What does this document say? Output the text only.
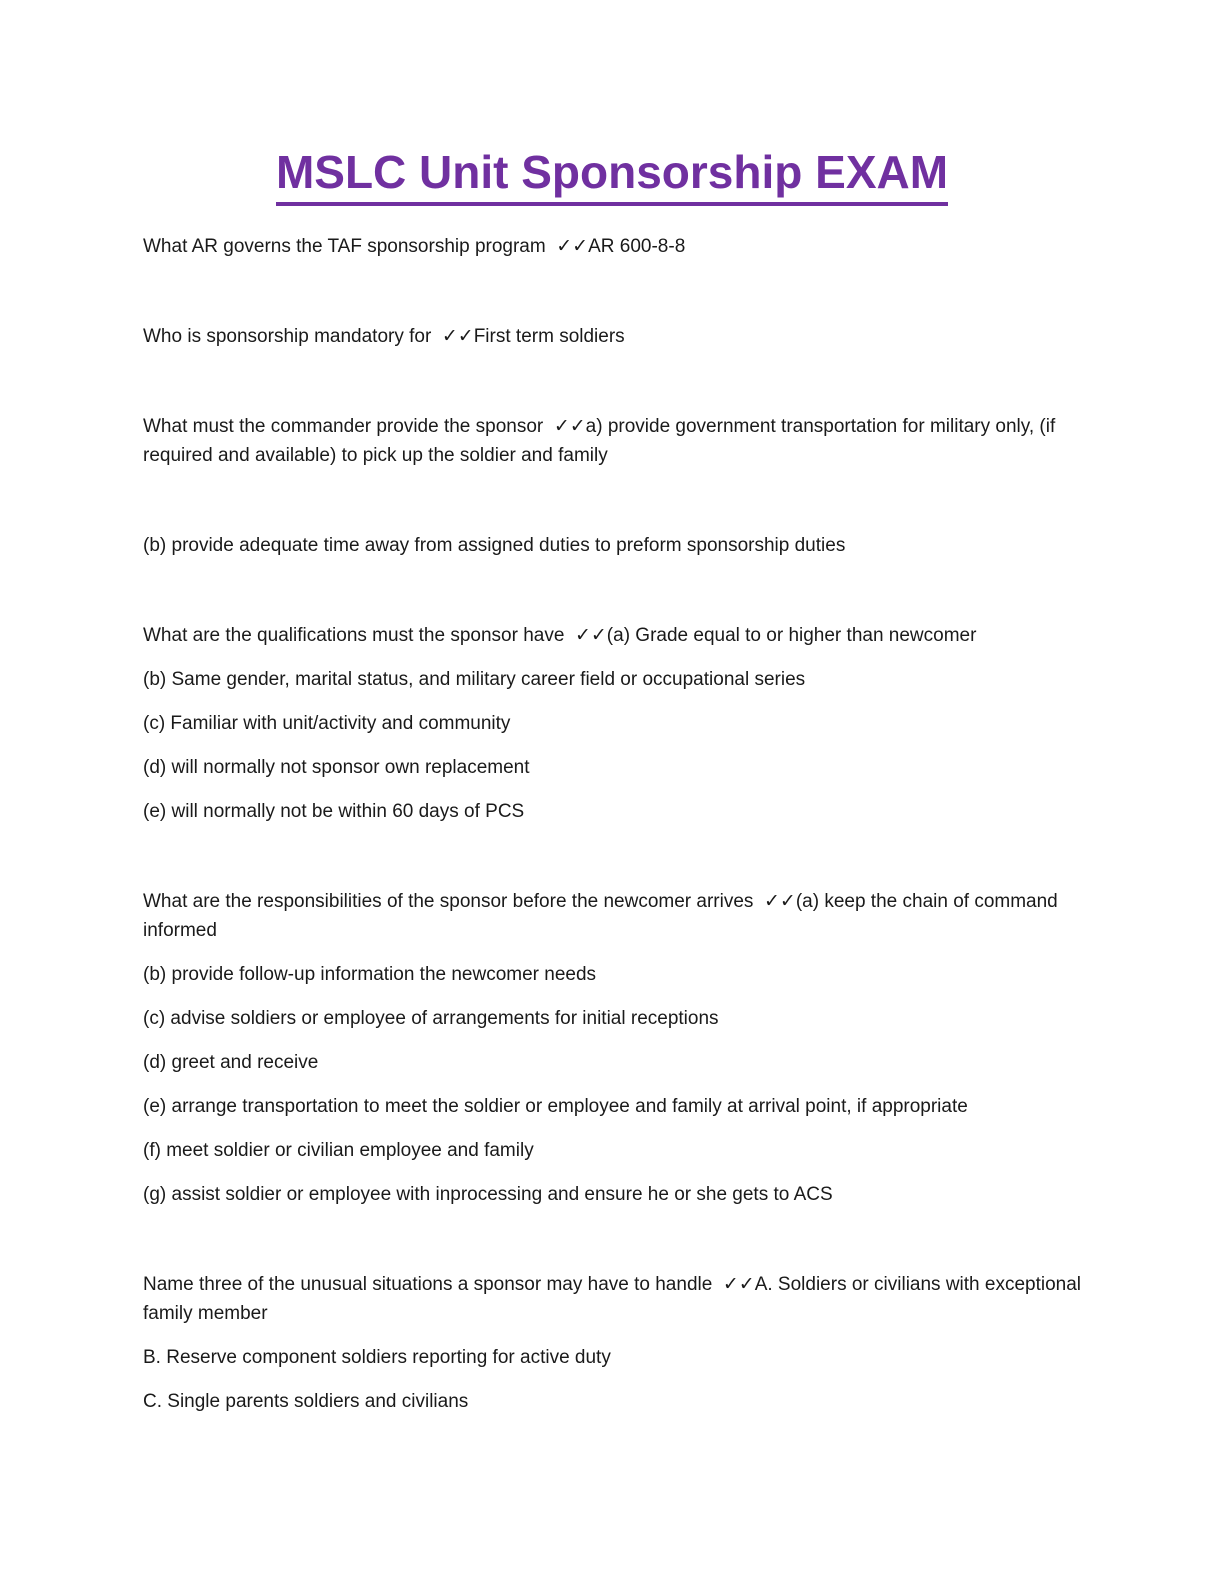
MSLC Unit Sponsorship EXAM

What AR governs the TAF sponsorship program  ✓✓AR 600-8-8

Who is sponsorship mandatory for  ✓✓First term soldiers

What must the commander provide the sponsor  ✓✓a) provide government transportation for military only, (if required and available) to pick up the soldier and family

(b) provide adequate time away from assigned duties to preform sponsorship duties

What are the qualifications must the sponsor have  ✓✓(a) Grade equal to or higher than newcomer

(b) Same gender, marital status, and military career field or occupational series

(c) Familiar with unit/activity and community

(d) will normally not sponsor own replacement

(e) will normally not be within 60 days of PCS

What are the responsibilities of the sponsor before the newcomer arrives  ✓✓(a) keep the chain of command informed

(b) provide follow-up information the newcomer needs

(c) advise soldiers or employee of arrangements for initial receptions

(d) greet and receive

(e) arrange transportation to meet the soldier or employee and family at arrival point, if appropriate

(f) meet soldier or civilian employee and family

(g) assist soldier or employee with inprocessing and ensure he or she gets to ACS

Name three of the unusual situations a sponsor may have to handle  ✓✓A. Soldiers or civilians with exceptional family member

B. Reserve component soldiers reporting for active duty

C. Single parents soldiers and civilians
